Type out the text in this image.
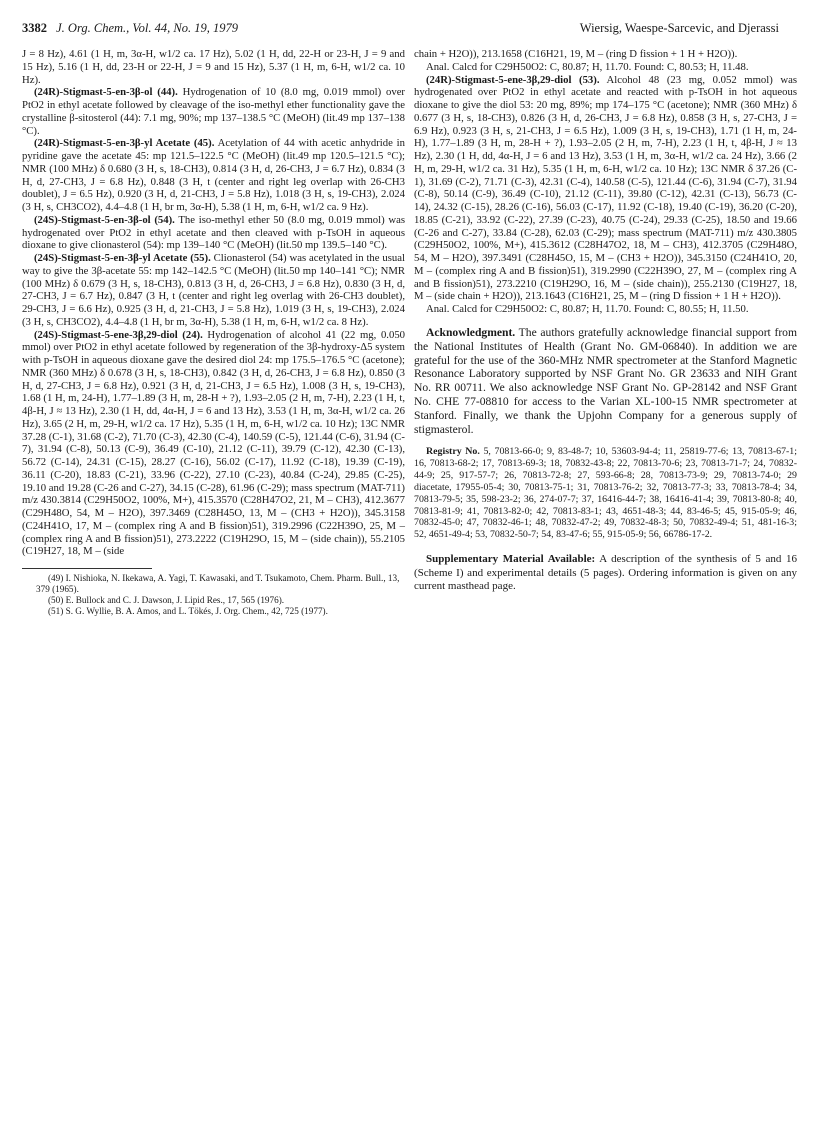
3382 J. Org. Chem., Vol. 44, No. 19, 1979	Wiersig, Waespe-Sarcevic, and Djerassi

J = 8 Hz), 4.61 (1 H, m, 3α-H, w1/2 ca. 17 Hz), 5.02 (1 H, dd, 22-H or 23-H, J = 9 and 15 Hz), 5.16 (1 H, dd, 23-H or 22-H, J = 9 and 15 Hz), 5.37 (1 H, m, 6-H, w1/2 ca. 10 Hz).

(24R)-Stigmast-5-en-3β-ol (44). Hydrogenation of 10 (8.0 mg, 0.019 mmol) over PtO2 in ethyl acetate followed by cleavage of the iso-methyl ether functionality gave the crystalline β-sitosterol (44): 7.1 mg, 90%; mp 137–138.5 °C (MeOH) (lit.49 mp 137–138 °C).

(24R)-Stigmast-5-en-3β-yl Acetate (45). Acetylation of 44 with acetic anhydride in pyridine gave the acetate 45: mp 121.5–122.5 °C (MeOH) (lit.49 mp 120.5–121.5 °C); NMR (100 MHz) δ 0.680 (3 H, s, 18-CH3), 0.814 (3 H, d, 26-CH3, J = 6.7 Hz), 0.834 (3 H, d, 27-CH3, J = 6.8 Hz), 0.848 (3 H, t (center and right leg overlap with 26-CH3 doublet), J = 6.5 Hz), 0.920 (3 H, d, 21-CH3, J = 5.8 Hz), 1.018 (3 H, s, 19-CH3), 2.024 (3 H, s, CH3CO2), 4.4–4.8 (1 H, br m, 3α-H), 5.38 (1 H, m, 6-H, w1/2 ca. 9 Hz).

(24S)-Stigmast-5-en-3β-ol (54). The iso-methyl ether 50 (8.0 mg, 0.019 mmol) was hydrogenated over PtO2 in ethyl acetate and then cleaved with p-TsOH in aqueous dioxane to give clionasterol (54): mp 139–140 °C (MeOH) (lit.50 mp 139.5–140 °C).

(24S)-Stigmast-5-en-3β-yl Acetate (55). Clionasterol (54) was acetylated in the usual way to give the 3β-acetate 55: mp 142–142.5 °C (MeOH) (lit.50 mp 140–141 °C); NMR (100 MHz) δ 0.679 (3 H, s, 18-CH3), 0.813 (3 H, d, 26-CH3, J = 6.8 Hz), 0.830 (3 H, d, 27-CH3, J = 6.7 Hz), 0.847 (3 H, t (center and right leg overlag with 26-CH3 doublet), 29-CH3, J = 6.6 Hz), 0.925 (3 H, d, 21-CH3, J = 5.8 Hz), 1.019 (3 H, s, 19-CH3), 2.024 (3 H, s, CH3CO2), 4.4–4.8 (1 H, br m, 3α-H), 5.38 (1 H, m, 6-H, w1/2 ca. 8 Hz).

(24S)-Stigmast-5-ene-3β,29-diol (24). Hydrogenation of alcohol 41 (22 mg, 0.050 mmol) over PtO2 in ethyl acetate followed by regeneration of the 3β-hydroxy-Δ5 system with p-TsOH in aqueous dioxane gave the desired diol 24: mp 175.5–176.5 °C (acetone); NMR (360 MHz) δ 0.678 (3 H, s, 18-CH3), 0.842 (3 H, d, 26-CH3, J = 6.8 Hz), 0.850 (3 H, d, 27-CH3, J = 6.8 Hz), 0.921 (3 H, d, 21-CH3, J = 6.5 Hz), 1.008 (3 H, s, 19-CH3), 1.68 (1 H, m, 24-H), 1.77–1.89 (3 H, m, 28-H + ?), 1.93–2.05 (2 H, m, 7-H), 2.23 (1 H, t, 4β-H, J ≈ 13 Hz), 2.30 (1 H, dd, 4α-H, J = 6 and 13 Hz), 3.53 (1 H, m, 3α-H, w1/2 ca. 26 Hz), 3.65 (2 H, m, 29-H, w1/2 ca. 17 Hz), 5.35 (1 H, m, 6-H, w1/2 ca. 10 Hz); 13C NMR 37.28 (C-1), 31.68 (C-2), 71.70 (C-3), 42.30 (C-4), 140.59 (C-5), 121.44 (C-6), 31.94 (C-7), 31.94 (C-8), 50.13 (C-9), 36.49 (C-10), 21.12 (C-11), 39.79 (C-12), 42.30 (C-13), 56.72 (C-14), 24.31 (C-15), 28.27 (C-16), 56.02 (C-17), 11.92 (C-18), 19.39 (C-19), 36.11 (C-20), 18.83 (C-21), 33.96 (C-22), 27.10 (C-23), 40.84 (C-24), 29.85 (C-25), 19.10 and 19.28 (C-26 and C-27), 34.15 (C-28), 61.96 (C-29); mass spectrum (MAT-711) m/z 430.3814 (C29H50O2, 100%, M+), 415.3570 (C28H47O2, 21, M – CH3), 412.3677 (C29H48O, 54, M – H2O), 397.3469 (C28H45O, 13, M – (CH3 + H2O)), 345.3158 (C24H41O, 17, M – (complex ring A and B fission)51), 319.2996 (C22H39O, 25, M – (complex ring A and B fission)51), 273.2222 (C19H29O, 15, M – (side chain)), 55.2105 (C19H27, 18, M – (side

(49) I. Nishioka, N. Ikekawa, A. Yagi, T. Kawasaki, and T. Tsukamoto, Chem. Pharm. Bull., 13, 379 (1965).

(50) E. Bullock and C. J. Dawson, J. Lipid Res., 17, 565 (1976).

(51) S. G. Wyllie, B. A. Amos, and L. Tökés, J. Org. Chem., 42, 725 (1977).

chain + H2O)), 213.1658 (C16H21, 19, M – (ring D fission + 1 H + H2O)).

Anal. Calcd for C29H50O2: C, 80.87; H, 11.70. Found: C, 80.53; H, 11.48.

(24R)-Stigmast-5-ene-3β,29-diol (53). Alcohol 48 (23 mg, 0.052 mmol) was hydrogenated over PtO2 in ethyl acetate and reacted with p-TsOH in hot aqueous dioxane to give the diol 53: 20 mg, 89%; mp 174–175 °C (acetone); NMR (360 MHz) δ 0.677 (3 H, s, 18-CH3), 0.826 (3 H, d, 26-CH3, J = 6.8 Hz), 0.858 (3 H, s, 27-CH3, J = 6.9 Hz), 0.923 (3 H, s, 21-CH3, J = 6.5 Hz), 1.009 (3 H, s, 19-CH3), 1.71 (1 H, m, 24-H), 1.77–1.89 (3 H, m, 28-H + ?), 1.93–2.05 (2 H, m, 7-H), 2.23 (1 H, t, 4β-H, J ≈ 13 Hz), 2.30 (1 H, dd, 4α-H, J = 6 and 13 Hz), 3.53 (1 H, m, 3α-H, w1/2 ca. 24 Hz), 3.66 (2 H, m, 29-H, w1/2 ca. 31 Hz), 5.35 (1 H, m, 6-H, w1/2 ca. 10 Hz); 13C NMR δ 37.26 (C-1), 31.69 (C-2), 71.71 (C-3), 42.31 (C-4), 140.58 (C-5), 121.44 (C-6), 31.94 (C-7), 31.94 (C-8), 50.14 (C-9), 36.49 (C-10), 21.12 (C-11), 39.80 (C-12), 42.31 (C-13), 56.73 (C-14), 24.32 (C-15), 28.26 (C-16), 56.03 (C-17), 11.92 (C-18), 19.40 (C-19), 36.20 (C-20), 18.85 (C-21), 33.92 (C-22), 27.39 (C-23), 40.75 (C-24), 29.33 (C-25), 18.50 and 19.66 (C-26 and C-27), 33.84 (C-28), 62.03 (C-29); mass spectrum (MAT-711) m/z 430.3805 (C29H50O2, 100%, M+), 415.3612 (C28H47O2, 18, M – CH3), 412.3705 (C29H48O, 54, M – H2O), 397.3491 (C28H45O, 15, M – (CH3 + H2O)), 345.3150 (C24H41O, 20, M – (complex ring A and B fission)51), 319.2990 (C22H39O, 27, M – (complex ring A and B fission)51), 273.2210 (C19H29O, 16, M – (side chain)), 255.2130 (C19H27, 18, M – (side chain + H2O)), 213.1643 (C16H21, 25, M – (ring D fission + 1 H + H2O)).

Anal. Calcd for C29H50O2: C, 80.87; H, 11.70. Found: C, 80.55; H, 11.50.

Acknowledgment. The authors gratefully acknowledge financial support from the National Institutes of Health (Grant No. GM-06840). In addition we are grateful for the use of the 360-MHz NMR spectrometer at the Stanford Magnetic Resonance Laboratory supported by NSF Grant No. GR 23633 and NIH Grant No. RR 00711. We also acknowledge NSF Grant No. GP-28142 and NSF Grant No. CHE 77-08810 for access to the Varian XL-100-15 NMR spectrometer at Stanford. Finally, we thank the Upjohn Company for a generous supply of stigmasterol.

Registry No. 5, 70813-66-0; 9, 83-48-7; 10, 53603-94-4; 11, 25819-77-6; 13, 70813-67-1; 16, 70813-68-2; 17, 70813-69-3; 18, 70832-43-8; 22, 70813-70-6; 23, 70813-71-7; 24, 70832-44-9; 25, 917-57-7; 26, 70813-72-8; 27, 593-66-8; 28, 70813-73-9; 29, 70813-74-0; 29 diacetate, 17955-05-4; 30, 70813-75-1; 31, 70813-76-2; 32, 70813-77-3; 33, 70813-78-4; 34, 70813-79-5; 35, 598-23-2; 36, 274-07-7; 37, 16416-44-7; 38, 16416-41-4; 39, 70813-80-8; 40, 70813-81-9; 41, 70813-82-0; 42, 70813-83-1; 43, 4651-48-3; 44, 83-46-5; 45, 915-05-9; 46, 70832-45-0; 47, 70832-46-1; 48, 70832-47-2; 49, 70832-48-3; 50, 70832-49-4; 51, 481-16-3; 52, 4651-49-4; 53, 70832-50-7; 54, 83-47-6; 55, 915-05-9; 56, 66786-17-2.

Supplementary Material Available: A description of the synthesis of 5 and 16 (Scheme I) and experimental details (5 pages). Ordering information is given on any current masthead page.
